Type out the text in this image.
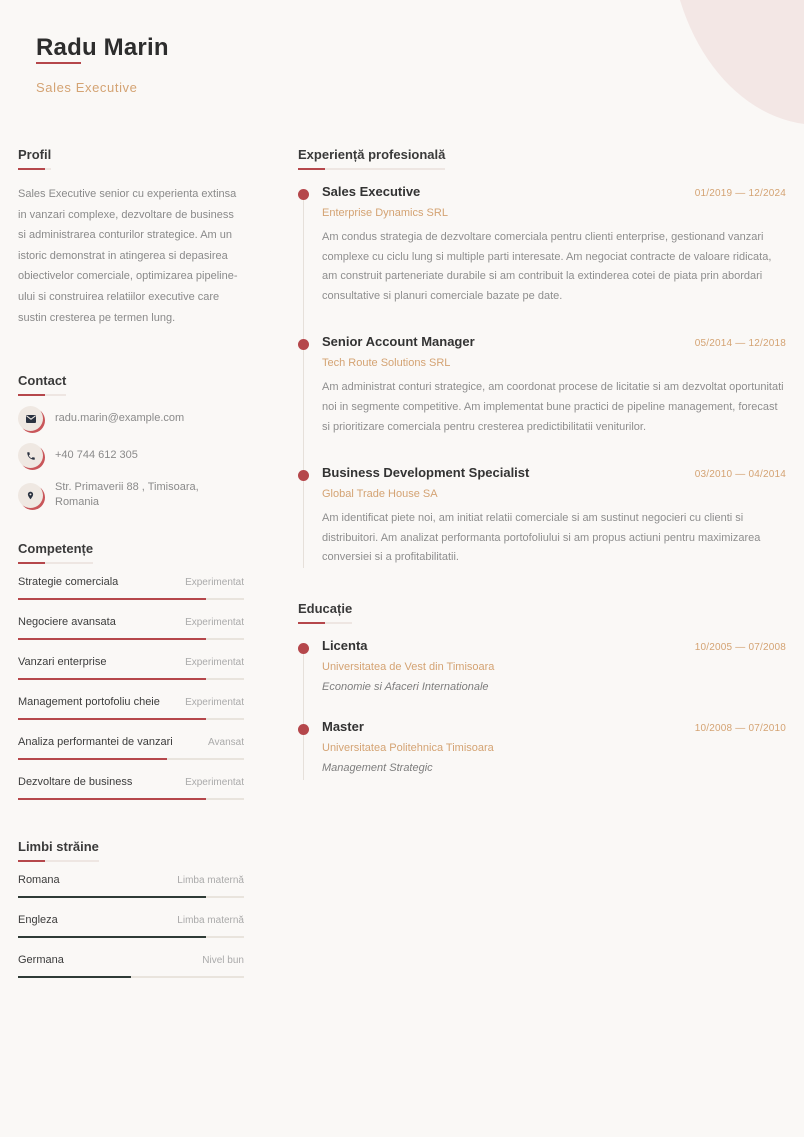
Radu Marin
Sales Executive
Profil

Sales Executive senior cu experienta extinsa in vanzari complexe, dezvoltare de business si administrarea conturilor strategice. Am un istoric demonstrat in atingerea si depasirea obiectivelor comerciale, optimizarea pipeline-ului si construirea relatiilor executive care sustin cresterea pe termen lung.

Contact
radu.marin@example.com
+40 744 612 305
Str. Primaverii 88 , Timisoara, Romania
Competențe
Strategie comerciala	Experimentat
Negociere avansata	Experimentat
Vanzari enterprise	Experimentat
Management portofoliu cheie	Experimentat
Analiza performantei de vanzari	Avansat
Dezvoltare de business	Experimentat
Limbi străine
Romana	Limba maternă
Engleza	Limba maternă
Germana	Nivel bun
Experiență profesională
Sales Executive	01/2019 — 12/2024
Enterprise Dynamics SRL
Am condus strategia de dezvoltare comerciala pentru clienti enterprise, gestionand vanzari complexe cu ciclu lung si multiple parti interesate. Am negociat contracte de valoare ridicata, am construit parteneriate durabile si am contribuit la extinderea cotei de piata prin abordari consultative si planuri comerciale bazate pe date.
Senior Account Manager	05/2014 — 12/2018
Tech Route Solutions SRL
Am administrat conturi strategice, am coordonat procese de licitatie si am dezvoltat oportunitati noi in segmente competitive. Am implementat bune practici de pipeline management, forecast si prioritizare comerciala pentru cresterea predictibilitatii veniturilor.
Business Development Specialist	03/2010 — 04/2014
Global Trade House SA
Am identificat piete noi, am initiat relatii comerciale si am sustinut negocieri cu clienti si distribuitori. Am analizat performanta portofoliului si am propus actiuni pentru maximizarea conversiei si a profitabilitatii.
Educație
Licenta	10/2005 — 07/2008
Universitatea de Vest din Timisoara
Economie si Afaceri Internationale
Master	10/2008 — 07/2010
Universitatea Politehnica Timisoara
Management Strategic
